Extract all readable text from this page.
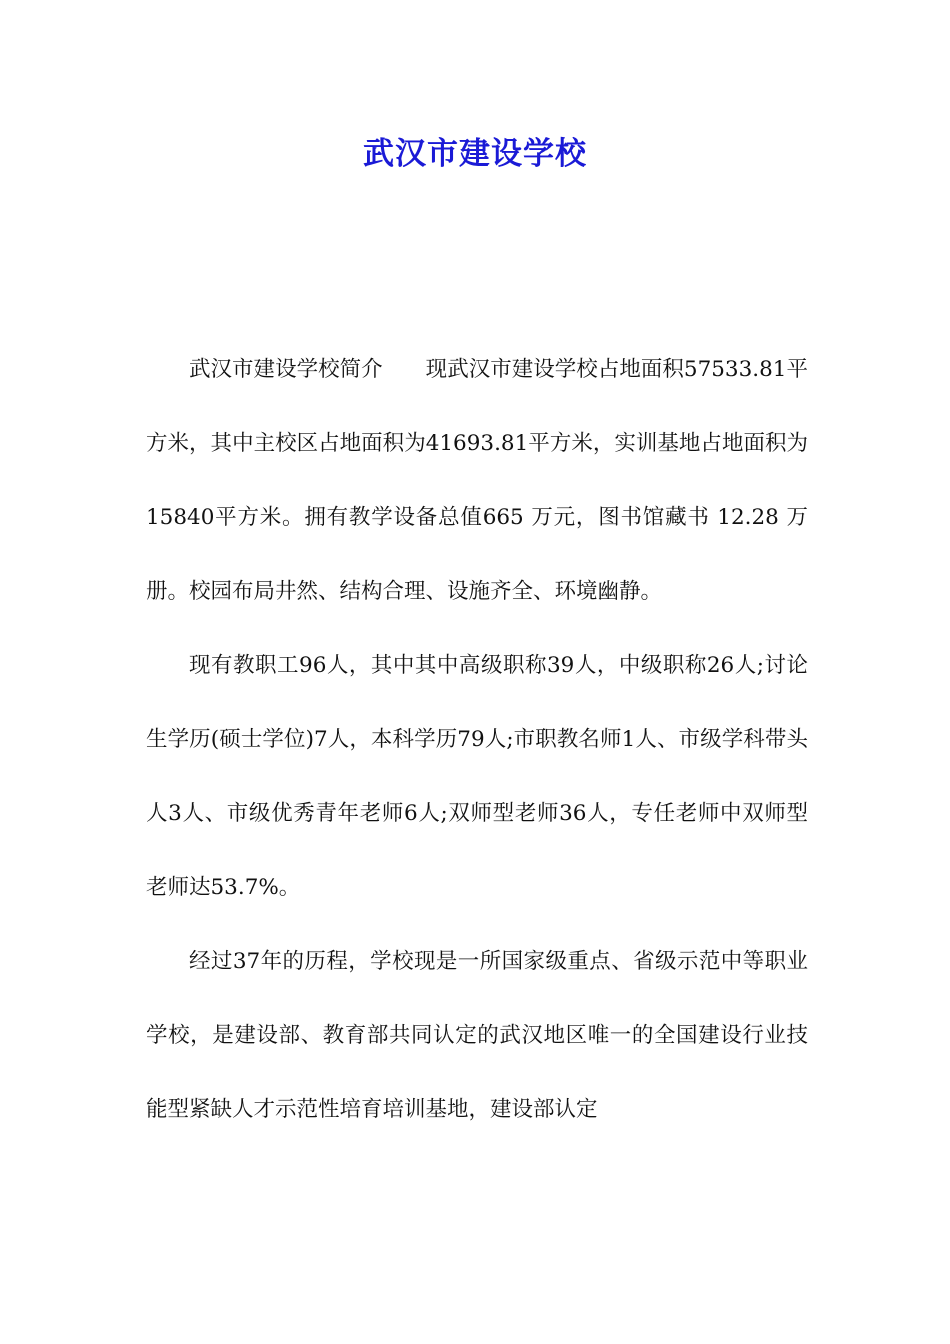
武汉市建设学校

武汉市建设学校简介　　现武汉市建设学校占地面积57533.81平方米，其中主校区占地面积为41693.81平方米，实训基地占地面积为15840平方米。拥有教学设备总值665 万元，图书馆藏书 12.28 万册。校园布局井然、结构合理、设施齐全、环境幽静。

现有教职工96人，其中其中高级职称39人，中级职称26人;讨论生学历(硕士学位)7人，本科学历79人;市职教名师1人、市级学科带头人3人、市级优秀青年老师6人;双师型老师36人，专任老师中双师型老师达53.7%。

经过37年的历程，学校现是一所国家级重点、省级示范中等职业学校，是建设部、教育部共同认定的武汉地区唯一的全国建设行业技能型紧缺人才示范性培育培训基地，建设部认定
